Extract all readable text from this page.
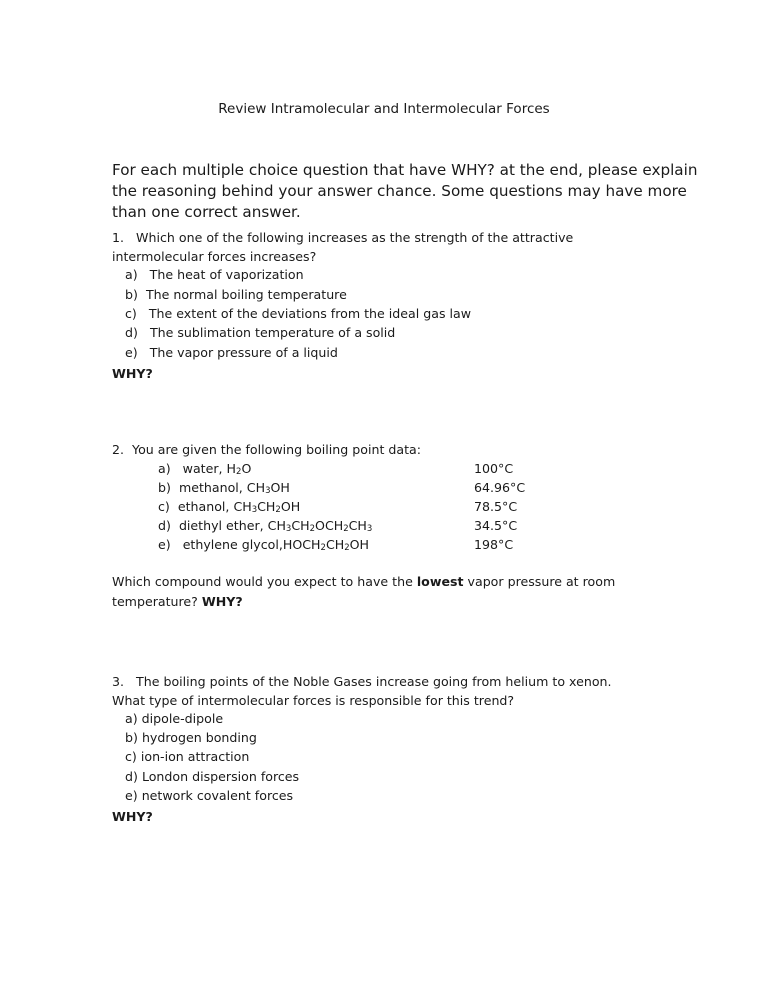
Review Intramolecular and Intermolecular Forces
For each multiple choice question that have WHY? at the end, please explain
the reasoning behind your answer chance. Some questions may have more
than one correct answer.
1. Which one of the following increases as the strength of the attractive
intermolecular forces increases?
a) The heat of vaporization
b) The normal boiling temperature
c) The extent of the deviations from the ideal gas law
d) The sublimation temperature of a solid
e) The vapor pressure of a liquid
WHY?
2. You are given the following boiling point data:
a) water, $H_2O$	100°C
b) methanol, $CH_3OH$	64.96°C
c) ethanol, $CH_3CH_2OH$	78.5°C
d) diethyl ether, $CH_3CH_2OCH_2CH_3$	34.5°C
e) ethylene $glycol,HOCH_2CH_2OH$	198°C
Which compound would you expect to have the lowest vapor pressure at room
temperature? WHY?
3. The boiling points of the Noble Gases increase going from helium to xenon.
What type of intermolecular forces is responsible for this trend?
a) dipole-dipole
b) hydrogen bonding
c) ion-ion attraction
d) London dispersion forces
e) network covalent forces
WHY?
